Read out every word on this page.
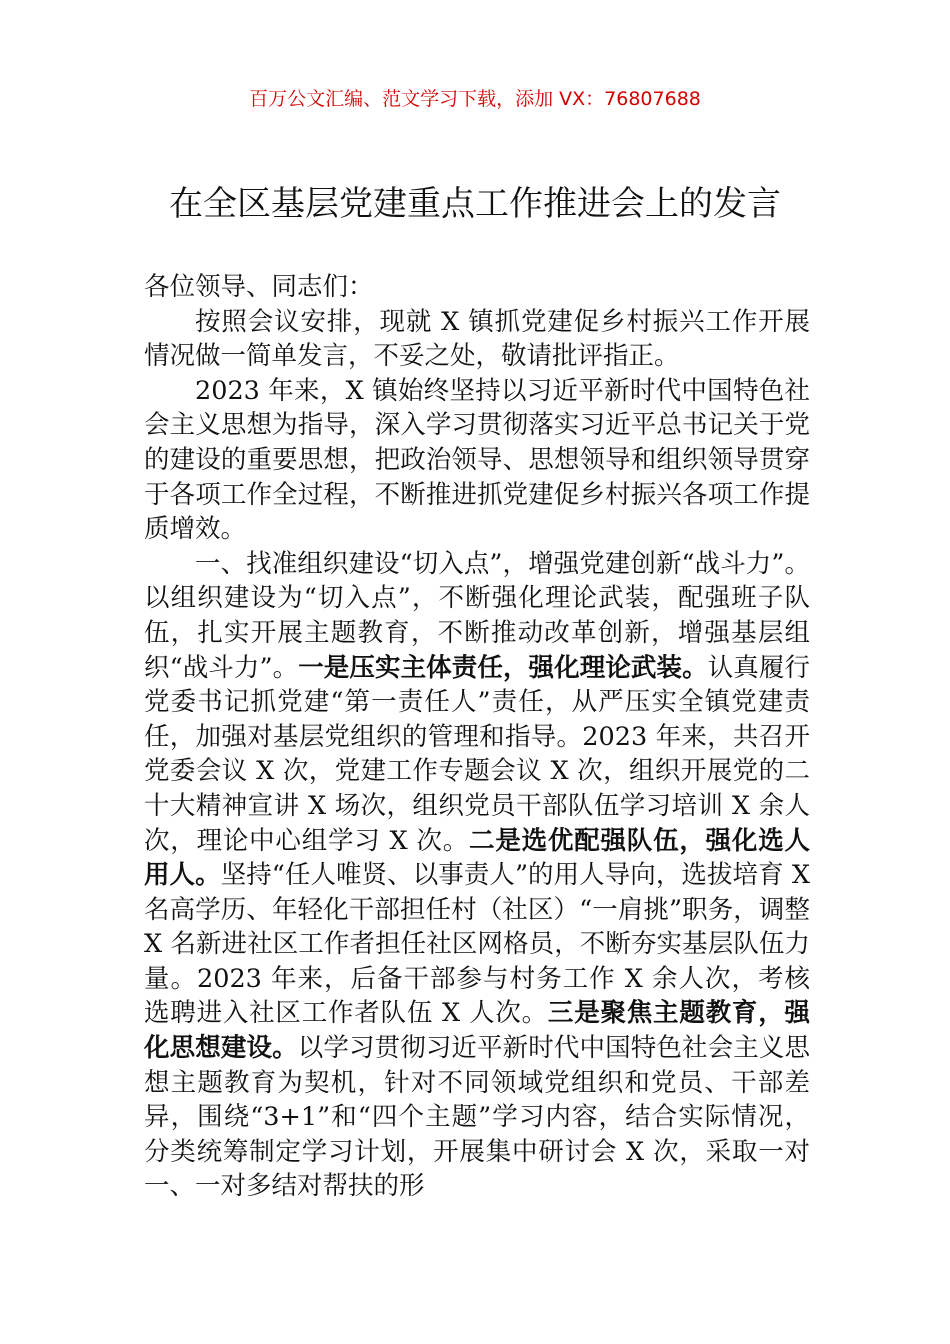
百万公文汇编、范文学习下载，添加 VX：76807688
在全区基层党建重点工作推进会上的发言

各位领导、同志们：

按照会议安排，现就 X 镇抓党建促乡村振兴工作开展情况做一简单发言，不妥之处，敬请批评指正。

2023 年来，X 镇始终坚持以习近平新时代中国特色社会主义思想为指导，深入学习贯彻落实习近平总书记关于党的建设的重要思想，把政治领导、思想领导和组织领导贯穿于各项工作全过程，不断推进抓党建促乡村振兴各项工作提质增效。

一、找准组织建设“切入点”，增强党建创新“战斗力”。以组织建设为“切入点”，不断强化理论武装，配强班子队伍，扎实开展主题教育，不断推动改革创新，增强基层组织“战斗力”。一是压实主体责任，强化理论武装。认真履行党委书记抓党建“第一责任人”责任，从严压实全镇党建责任，加强对基层党组织的管理和指导。2023 年来，共召开党委会议 X 次，党建工作专题会议 X 次，组织开展党的二十大精神宣讲 X 场次，组织党员干部队伍学习培训 X 余人次，理论中心组学习 X 次。二是选优配强队伍，强化选人用人。坚持“任人唯贤、以事责人”的用人导向，选拔培育 X 名高学历、年轻化干部担任村（社区）“一肩挑”职务，调整 X 名新进社区工作者担任社区网格员，不断夯实基层队伍力量。2023 年来，后备干部参与村务工作 X 余人次，考核选聘进入社区工作者队伍 X 人次。三是聚焦主题教育，强化思想建设。以学习贯彻习近平新时代中国特色社会主义思想主题教育为契机，针对不同领域党组织和党员、干部差异，围绕“3+1”和“四个主题”学习内容，结合实际情况，分类统筹制定学习计划，开展集中研讨会 X 次，采取一对一、一对多结对帮扶的形
